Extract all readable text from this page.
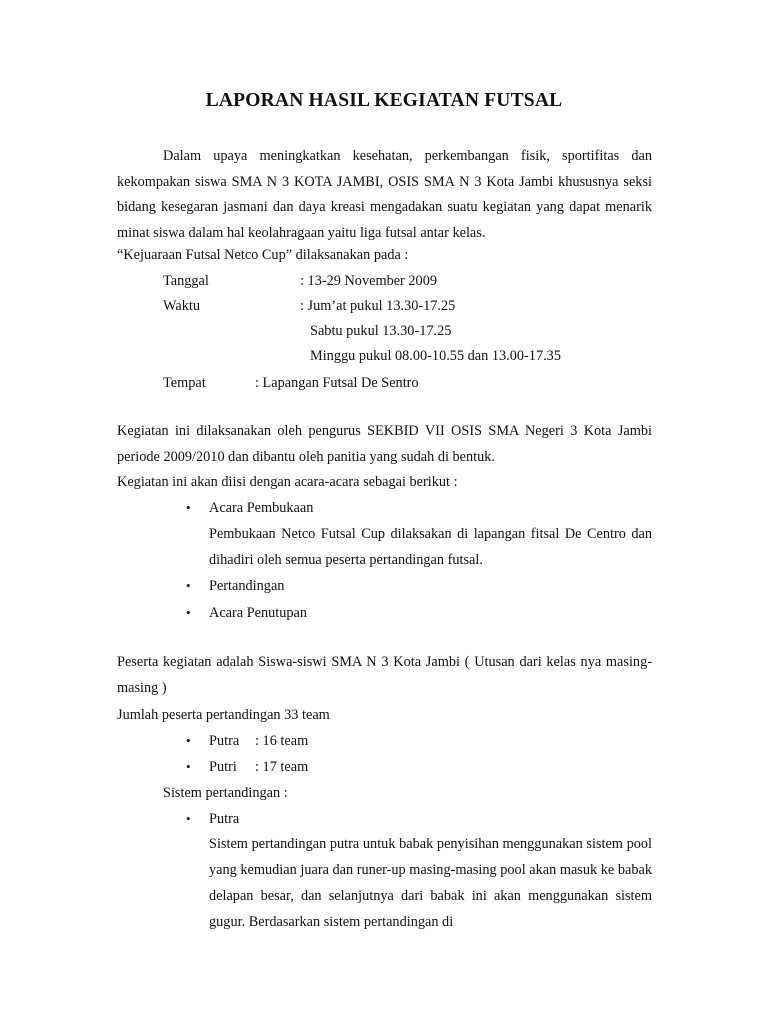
LAPORAN HASIL KEGIATAN FUTSAL

Dalam upaya meningkatkan kesehatan, perkembangan fisik, sportifitas dan kekompakan siswa SMA N 3 KOTA JAMBI, OSIS SMA N 3 Kota Jambi khususnya seksi bidang kesegaran jasmani dan daya kreasi mengadakan suatu kegiatan yang dapat menarik minat siswa dalam hal keolahragaan yaitu liga futsal antar kelas.

“Kejuaraan Futsal Netco Cup” dilaksanakan pada :
Tanggal	: 13-29 November 2009
Waktu	: Jum’at pukul 13.30-17.25
Sabtu pukul 13.30-17.25
Minggu pukul 08.00-10.55 dan 13.00-17.35
Tempat	: Lapangan Futsal De Sentro

Kegiatan ini dilaksanakan oleh pengurus SEKBID VII OSIS SMA Negeri 3 Kota Jambi periode 2009/2010 dan dibantu oleh panitia yang sudah di bentuk.

Kegiatan ini akan diisi dengan acara-acara sebagai berikut :
• Acara Pembukaan

Pembukaan Netco Futsal Cup dilaksakan di lapangan fitsal De Centro dan dihadiri oleh semua peserta pertandingan futsal.

• Pertandingan
• Acara Penutupan

Peserta kegiatan adalah Siswa-siswi SMA N 3 Kota Jambi ( Utusan dari kelas nya masing-masing )

Jumlah peserta pertandingan 33 team
• Putra : 16 team
• Putri : 17 team
Sistem pertandingan :
• Putra

Sistem pertandingan putra untuk babak penyisihan menggunakan sistem pool yang kemudian juara dan runer-up masing-masing pool akan masuk ke babak delapan besar, dan selanjutnya dari babak ini akan menggunakan sistem gugur. Berdasarkan sistem pertandingan di
